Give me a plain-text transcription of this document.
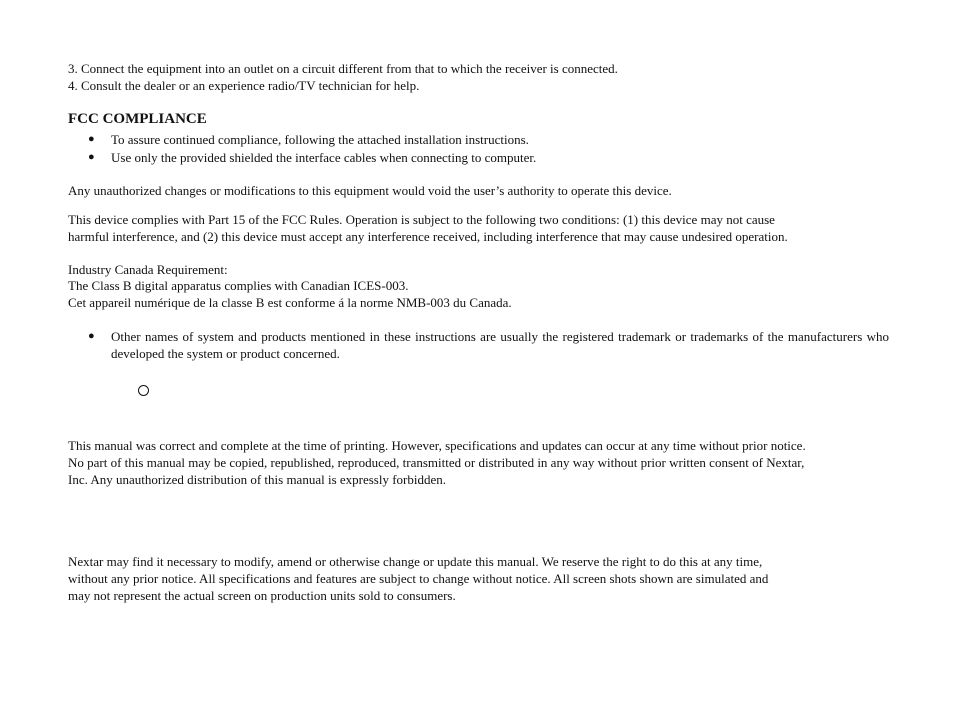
3. Connect the equipment into an outlet on a circuit different from that to which the receiver is connected.
4. Consult the dealer or an experience radio/TV technician for help.
FCC COMPLIANCE
● To assure continued compliance, following the attached installation instructions.
● Use only the provided shielded the interface cables when connecting to computer.
Any unauthorized changes or modifications to this equipment would void the user’s authority to operate this device.
This device complies with Part 15 of the FCC Rules. Operation is subject to the following two conditions: (1) this device may not cause
harmful interference, and (2) this device must accept any interference received, including interference that may cause undesired operation.
Industry Canada Requirement:
The Class B digital apparatus complies with Canadian ICES-003.
Cet appareil numérique de la classe B est conforme á la norme NMB-003 du Canada.
● Other names of system and products mentioned in these instructions are usually the registered trademark or trademarks of the manufacturers who developed the system or product concerned.
This manual was correct and complete at the time of printing. However, specifications and updates can occur at any time without prior notice.
No part of this manual may be copied, republished, reproduced, transmitted or distributed in any way without prior written consent of Nextar,
Inc. Any unauthorized distribution of this manual is expressly forbidden.
Nextar may find it necessary to modify, amend or otherwise change or update this manual. We reserve the right to do this at any time,
without any prior notice. All specifications and features are subject to change without notice. All screen shots shown are simulated and
may not represent the actual screen on production units sold to consumers.
